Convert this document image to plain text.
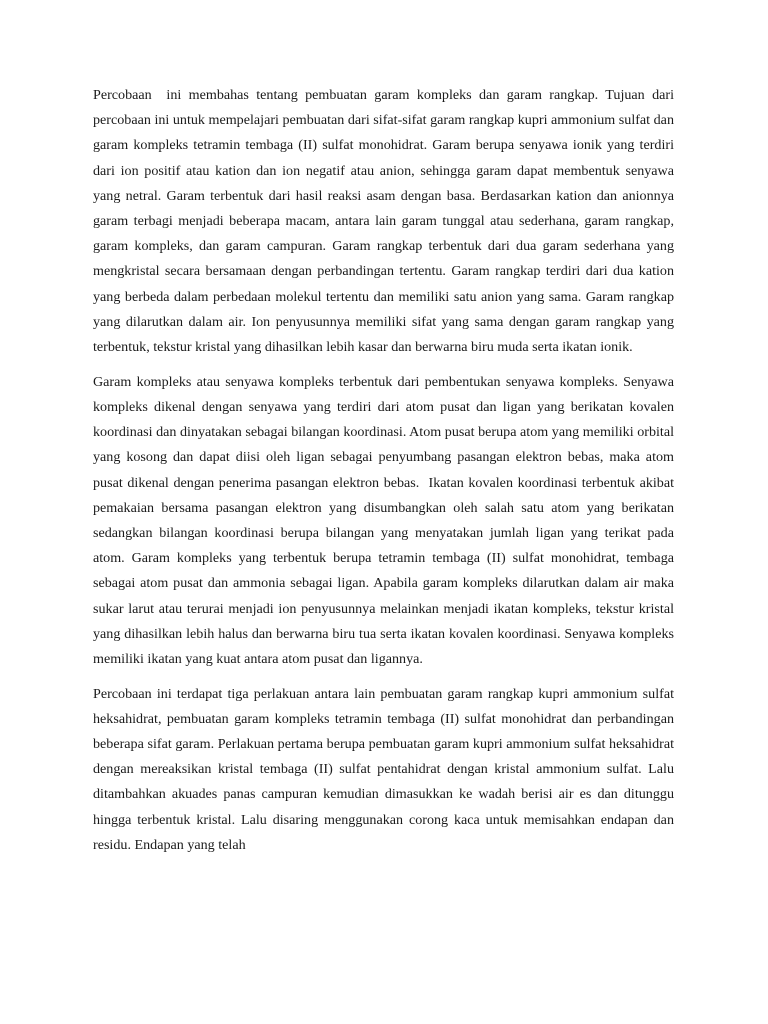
Percobaan  ini membahas tentang pembuatan garam kompleks dan garam rangkap. Tujuan dari percobaan ini untuk mempelajari pembuatan dari sifat-sifat garam rangkap kupri ammonium sulfat dan garam kompleks tetramin tembaga (II) sulfat monohidrat. Garam berupa senyawa ionik yang terdiri dari ion positif atau kation dan ion negatif atau anion, sehingga garam dapat membentuk senyawa yang netral. Garam terbentuk dari hasil reaksi asam dengan basa. Berdasarkan kation dan anionnya garam terbagi menjadi beberapa macam, antara lain garam tunggal atau sederhana, garam rangkap, garam kompleks, dan garam campuran. Garam rangkap terbentuk dari dua garam sederhana yang mengkristal secara bersamaan dengan perbandingan tertentu. Garam rangkap terdiri dari dua kation yang berbeda dalam perbedaan molekul tertentu dan memiliki satu anion yang sama. Garam rangkap yang dilarutkan dalam air. Ion penyusunnya memiliki sifat yang sama dengan garam rangkap yang terbentuk, tekstur kristal yang dihasilkan lebih kasar dan berwarna biru muda serta ikatan ionik.

Garam kompleks atau senyawa kompleks terbentuk dari pembentukan senyawa kompleks. Senyawa kompleks dikenal dengan senyawa yang terdiri dari atom pusat dan ligan yang berikatan kovalen koordinasi dan dinyatakan sebagai bilangan koordinasi. Atom pusat berupa atom yang memiliki orbital yang kosong dan dapat diisi oleh ligan sebagai penyumbang pasangan elektron bebas, maka atom pusat dikenal dengan penerima pasangan elektron bebas.  Ikatan kovalen koordinasi terbentuk akibat pemakaian bersama pasangan elektron yang disumbangkan oleh salah satu atom yang berikatan sedangkan bilangan koordinasi berupa bilangan yang menyatakan jumlah ligan yang terikat pada atom. Garam kompleks yang terbentuk berupa tetramin tembaga (II) sulfat monohidrat, tembaga sebagai atom pusat dan ammonia sebagai ligan. Apabila garam kompleks dilarutkan dalam air maka sukar larut atau terurai menjadi ion penyusunnya melainkan menjadi ikatan kompleks, tekstur kristal yang dihasilkan lebih halus dan berwarna biru tua serta ikatan kovalen koordinasi. Senyawa kompleks memiliki ikatan yang kuat antara atom pusat dan ligannya.

Percobaan ini terdapat tiga perlakuan antara lain pembuatan garam rangkap kupri ammonium sulfat heksahidrat, pembuatan garam kompleks tetramin tembaga (II) sulfat monohidrat dan perbandingan beberapa sifat garam. Perlakuan pertama berupa pembuatan garam kupri ammonium sulfat heksahidrat dengan mereaksikan kristal tembaga (II) sulfat pentahidrat dengan kristal ammonium sulfat. Lalu ditambahkan akuades panas campuran kemudian dimasukkan ke wadah berisi air es dan ditunggu hingga terbentuk kristal. Lalu disaring menggunakan corong kaca untuk memisahkan endapan dan residu. Endapan yang telah
